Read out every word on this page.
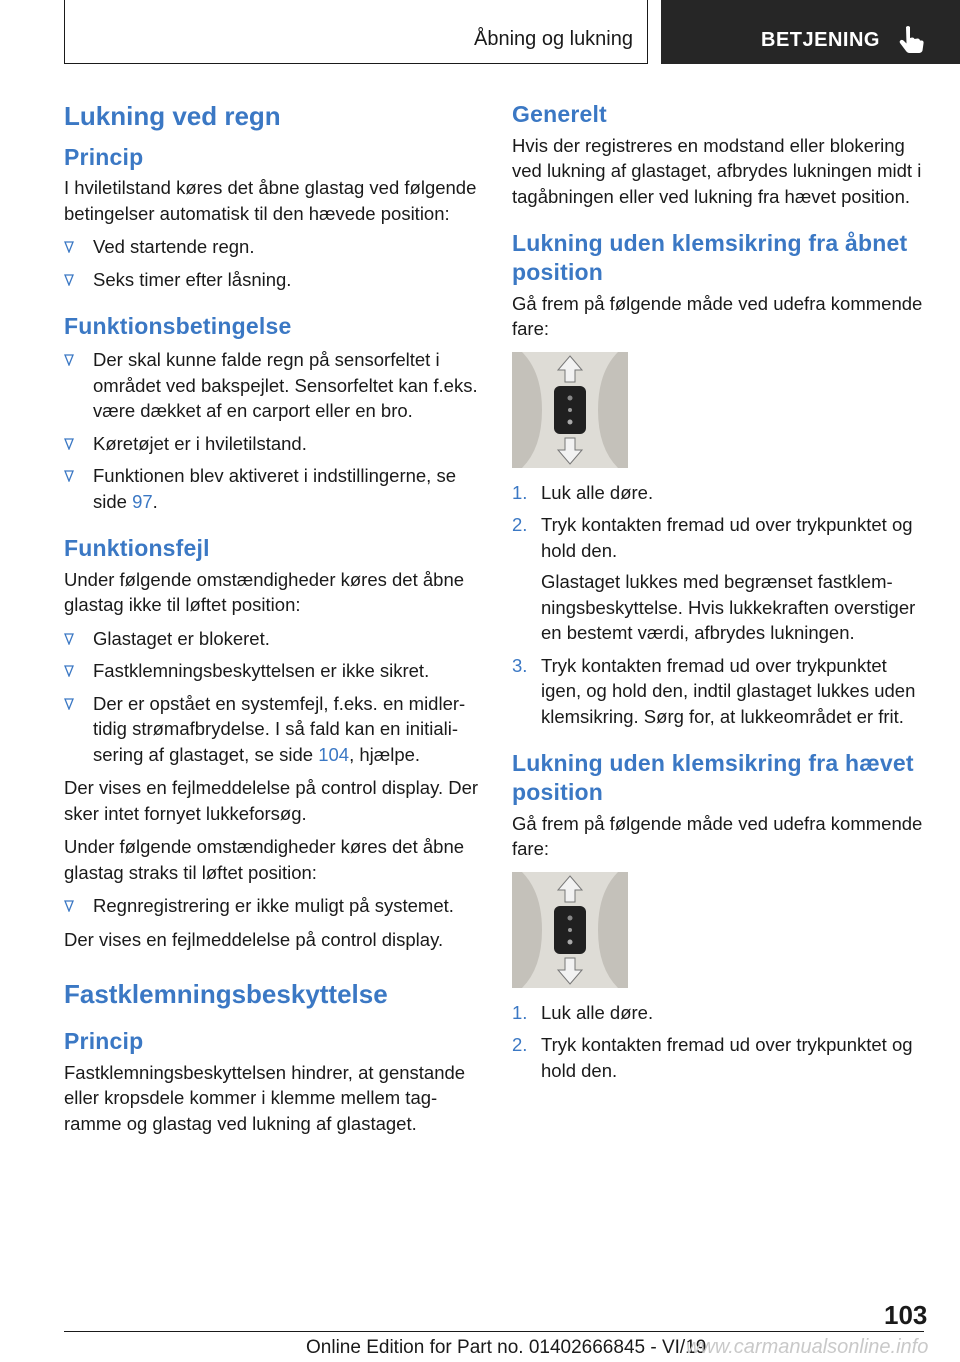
Åbning og lukning	BETJENING
Lukning ved regn
Princip

I hviletilstand køres det åbne glastag ved følgende betingelser automatisk til den hævede position:

Ved startende regn.
Seks timer efter låsning.
Funktionsbetingelse
Der skal kunne falde regn på sensorfeltet i området ved bakspejlet. Sensorfeltet kan f.eks. være dækket af en carport eller en bro.
Køretøjet er i hviletilstand.
Funktionen blev aktiveret i indstillingerne, se side 97.
Funktionsfejl

Under følgende omstændigheder køres det åbne glastag ikke til løftet position:

Glastaget er blokeret.
Fastklemningsbeskyttelsen er ikke sikret.
Der er opstået en systemfejl, f.eks. en midlertidig strømafbrydelse. I så fald kan en initialisering af glastaget, se side 104, hjælpe.

Der vises en fejlmeddelelse på control display. Der sker intet fornyet lukkeforsøg.

Under følgende omstændigheder køres det åbne glastag straks til løftet position:

Regnregistrering er ikke muligt på systemet.

Der vises en fejlmeddelelse på control display.

Fastklemningsbeskyttelse
Princip

Fastklemningsbeskyttelsen hindrer, at genstande eller kropsdele kommer i klemme mellem tagramme og glastag ved lukning af glastaget.

Generelt

Hvis der registreres en modstand eller blokering ved lukning af glastaget, afbrydes lukningen midt i tagåbningen eller ved lukning fra hævet position.

Lukning uden klemsikring fra åbnet position

Gå frem på følgende måde ved udefra kommende fare:

1. Luk alle døre.
2. Tryk kontakten fremad ud over trykpunktet og hold den.
Glastaget lukkes med begrænset fastklemningsbeskyttelse. Hvis lukkekraften overstiger en bestemt værdi, afbrydes lukningen.
3. Tryk kontakten fremad ud over trykpunktet igen, og hold den, indtil glastaget lukkes uden klemsikring. Sørg for, at lukkeområdet er frit.
Lukning uden klemsikring fra hævet position

Gå frem på følgende måde ved udefra kommende fare:

1. Luk alle døre.
2. Tryk kontakten fremad ud over trykpunktet og hold den.
103
Online Edition for Part no. 01402666845 - VI/19
www.carmanualsonline.info
